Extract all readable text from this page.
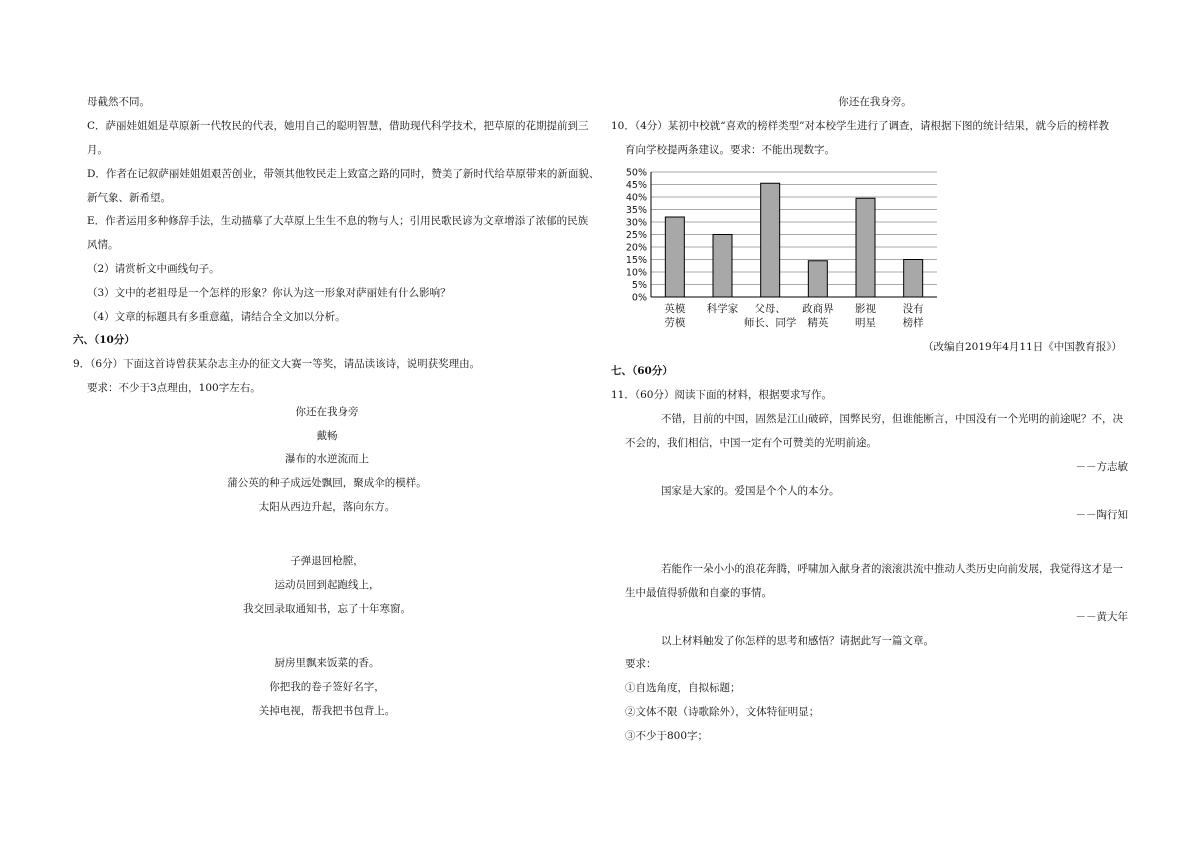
母截然不同。
C．萨丽娃姐姐是草原新一代牧民的代表，她用自己的聪明智慧，借助现代科学技术，把草原的花期提前到三
月。
D．作者在记叙萨丽娃姐姐艰苦创业，带领其他牧民走上致富之路的同时，赞美了新时代给草原带来的新面貌、
新气象、新希望。
E．作者运用多种修辞手法，生动描摹了大草原上生生不息的物与人；引用民歌民谚为文章增添了浓郁的民族
风情。
（2）请赏析文中画线句子。
（3）文中的老祖母是一个怎样的形象？你认为这一形象对萨丽娃有什么影响？
（4）文章的标题具有多重意蕴，请结合全文加以分析。
六、（10分）
9．（6分）下面这首诗曾获某杂志主办的征文大赛一等奖，请品读该诗，说明获奖理由。
要求：不少于3点理由，100字左右。
你还在我身旁
戴畅
瀑布的水逆流而上
蒲公英的种子成远处飘回，聚成伞的模样。
太阳从西边升起，落向东方。
子弹退回枪膛，
运动员回到起跑线上，
我交回录取通知书，忘了十年寒窗。
厨房里飘来饭菜的香。
你把我的卷子签好名字，
关掉电视，帮我把书包背上。
你还在我身旁。
10．（4分）某初中校就“喜欢的榜样类型”对本校学生进行了调查，请根据下图的统计结果，就今后的榜样教
育向学校提两条建议。要求：不能出现数字。
0%
5%
10%
15%
20%
25%
30%
35%
40%
45%
50%
英模
劳模
科学家 父母、
师长、同学
政商界
精英
影视
明星
没有
榜样
（改编自2019年4月11日《中国教育报》）
七、（60分）
11．（60分）阅读下面的材料，根据要求写作。
不错，目前的中国，固然是江山破碎，国弊民穷，但谁能断言，中国没有一个光明的前途呢？不，决
不会的，我们相信，中国一定有个可赞美的光明前途。
－－方志敏
国家是大家的。爱国是个个人的本分。
－－陶行知
若能作一朵小小的浪花奔腾，呼啸加入献身者的滚滚洪流中推动人类历史向前发展，我觉得这才是一
生中最值得骄傲和自豪的事情。
－－黄大年
以上材料触发了你怎样的思考和感悟？请据此写一篇文章。
要求：
①自选角度，自拟标题；
②文体不限（诗歌除外），文体特征明显；
③不少于800字；
